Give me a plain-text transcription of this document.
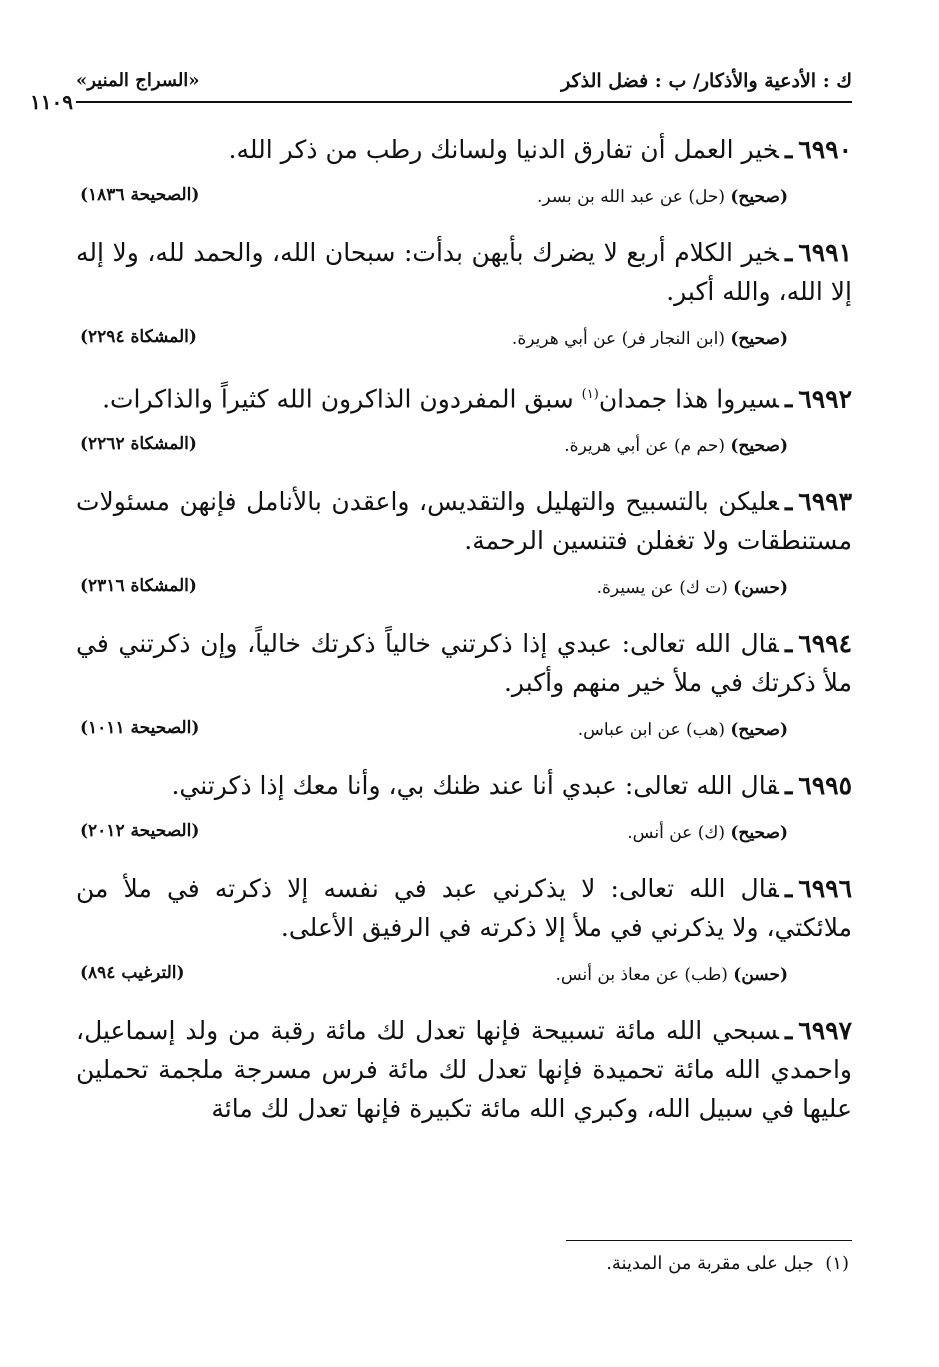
ك : الأدعية والأذكار/ ب : فضل الذكر
«السراج المنير»
١١٠٩

٦٩٩٠ـخير العمل أن تفارق الدنيا ولسانك رطب من ذكر الله.

(صحيح) (حل) عن عبد الله بن بسر.
(الصحيحة ١٨٣٦)

٦٩٩١ـخير الكلام أربع لا يضرك بأيهن بدأت: سبحان الله، والحمد لله، ولا إله إلا الله، والله أكبر.

(صحيح) (ابن النجار فر) عن أبي هريرة.
(المشكاة ٢٢٩٤)

٦٩٩٢ـسيروا هذا جمدان$^{(١)}$ سبق المفردون الذاكرون الله كثيراً والذاكرات.

(صحيح) (حم م) عن أبي هريرة.
(المشكاة ٢٢٦٢)

٦٩٩٣ـعليكن بالتسبيح والتهليل والتقديس، واعقدن بالأنامل فإنهن مسئولات مستنطقات ولا تغفلن فتنسين الرحمة.

(حسن) (ت ك) عن يسيرة.
(المشكاة ٢٣١٦)

٦٩٩٤ـقال الله تعالى: عبدي إذا ذكرتني خالياً ذكرتك خالياً، وإن ذكرتني في ملأ ذكرتك في ملأ خير منهم وأكبر.

(صحيح) (هب) عن ابن عباس.
(الصحيحة ١٠١١)

٦٩٩٥ـقال الله تعالى: عبدي أنا عند ظنك بي، وأنا معك إذا ذكرتني.

(صحيح) (ك) عن أنس.
(الصحيحة ٢٠١٢)

٦٩٩٦ـقال الله تعالى: لا يذكرني عبد في نفسه إلا ذكرته في ملأ من ملائكتي، ولا يذكرني في ملأ إلا ذكرته في الرفيق الأعلى.

(حسن) (طب) عن معاذ بن أنس.
(الترغيب ٨٩٤)

٦٩٩٧ـسبحي الله مائة تسبيحة فإنها تعدل لك مائة رقبة من ولد إسماعيل، واحمدي الله مائة تحميدة فإنها تعدل لك مائة فرس مسرجة ملجمة تحملين عليها في سبيل الله، وكبري الله مائة تكبيرة فإنها تعدل لك مائة

(١)  جبل على مقربة من المدينة.
